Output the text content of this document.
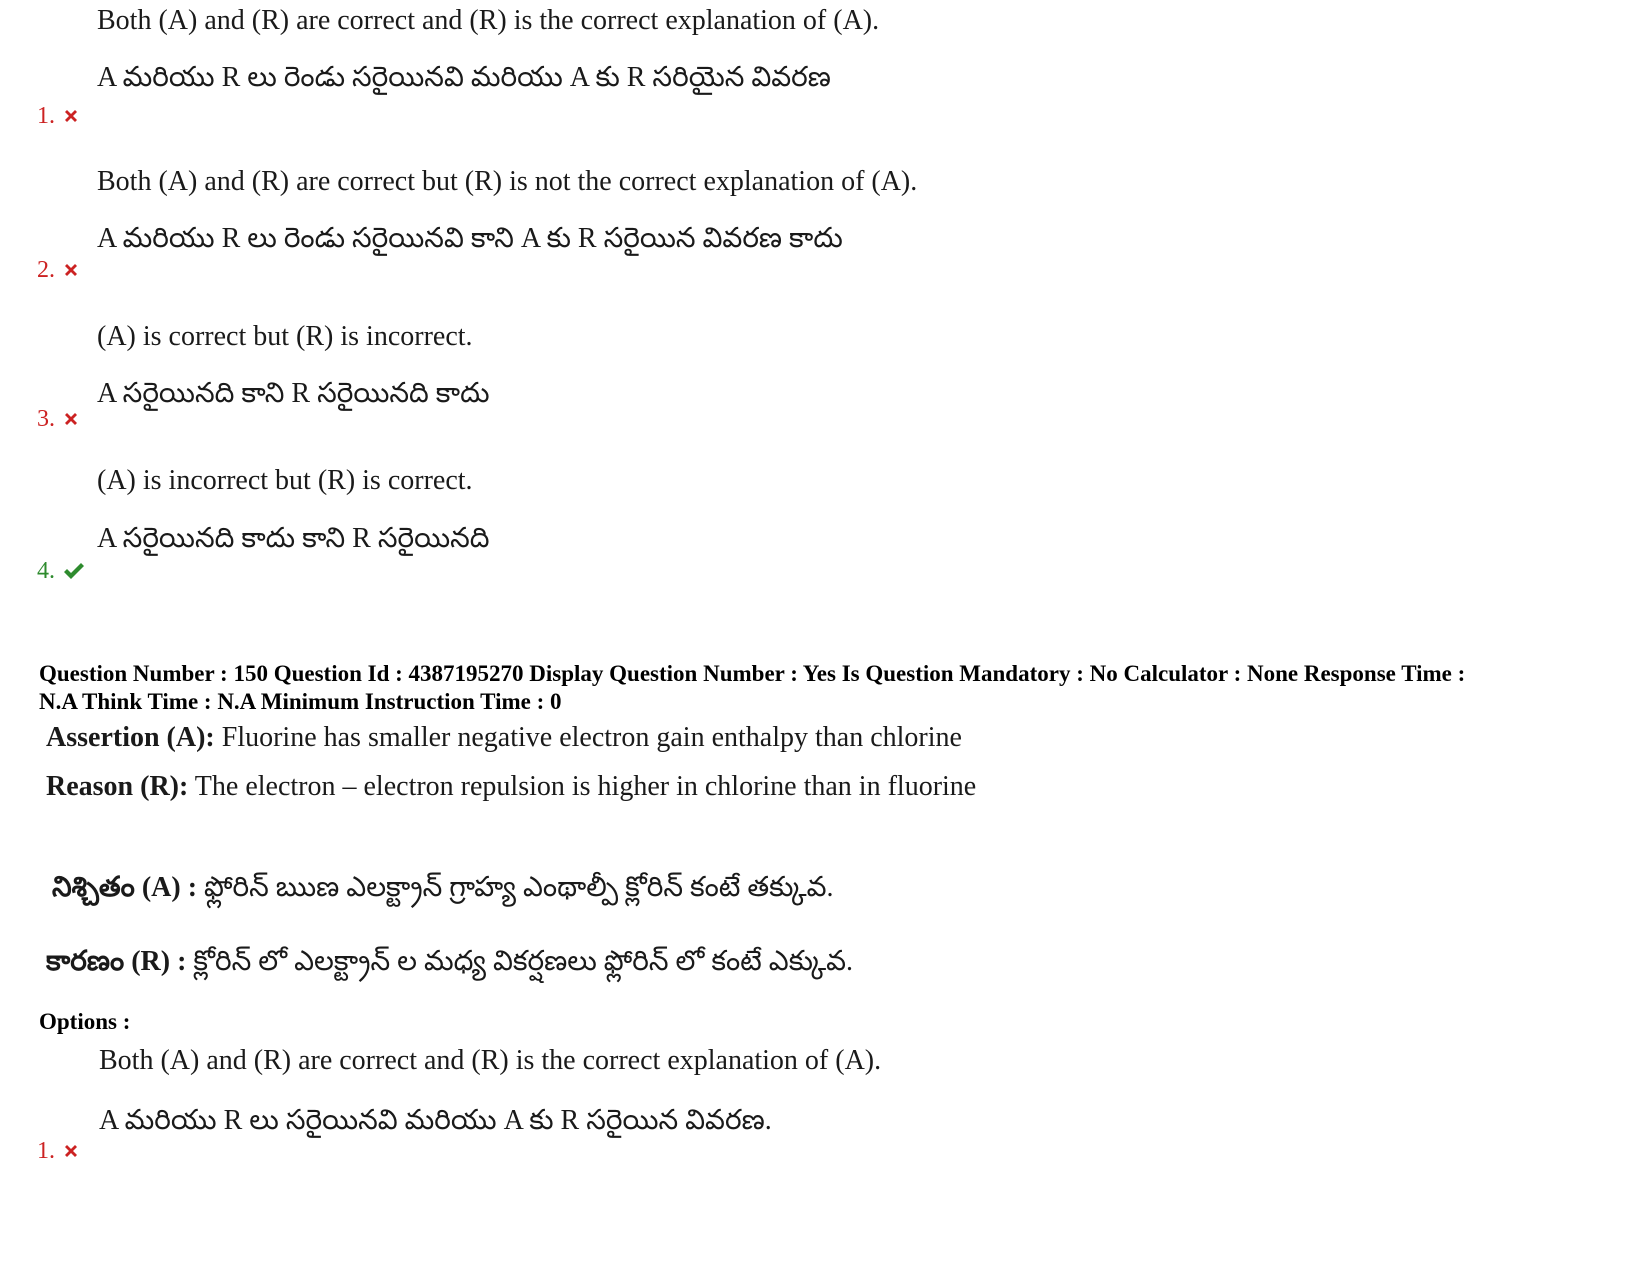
Both (A) and (R) are correct and (R) is the correct explanation of (A).
A మరియు R లు రెండు సరైయినవి మరియు A కు R సరియైన వివరణ
1.
Both (A) and (R) are correct but (R) is not the correct explanation of (A).
A మరియు R లు రెండు సరైయినవి కాని A కు R సరైయిన వివరణ కాదు
2.
(A) is correct but (R) is incorrect.
A సరైయినది కాని R సరైయినది కాదు
3.
(A) is incorrect but (R) is correct.
A సరైయినది కాదు కాని R సరైయినది
4.
Question Number : 150 Question Id : 4387195270 Display Question Number : Yes Is Question Mandatory : No Calculator : None Response Time :
N.A Think Time : N.A Minimum Instruction Time : 0
Assertion (A): Fluorine has smaller negative electron gain enthalpy than chlorine
Reason (R): The electron – electron repulsion is higher in chlorine than in fluorine
నిశ్చితం (A) : ఫ్లోరిన్ ఋణ ఎలక్ట్రాన్ గ్రాహ్య ఎంథాల్పీ క్లోరిన్ కంటే తక్కువ.
కారణం (R) : క్లోరిన్ లో ఎలక్ట్రాన్ ల మధ్య వికర్షణలు ఫ్లోరిన్ లో కంటే ఎక్కువ.
Options :
Both (A) and (R) are correct and (R) is the correct explanation of (A).
A మరియు R లు సరైయినవి మరియు A కు R సరైయిన వివరణ.
1.
